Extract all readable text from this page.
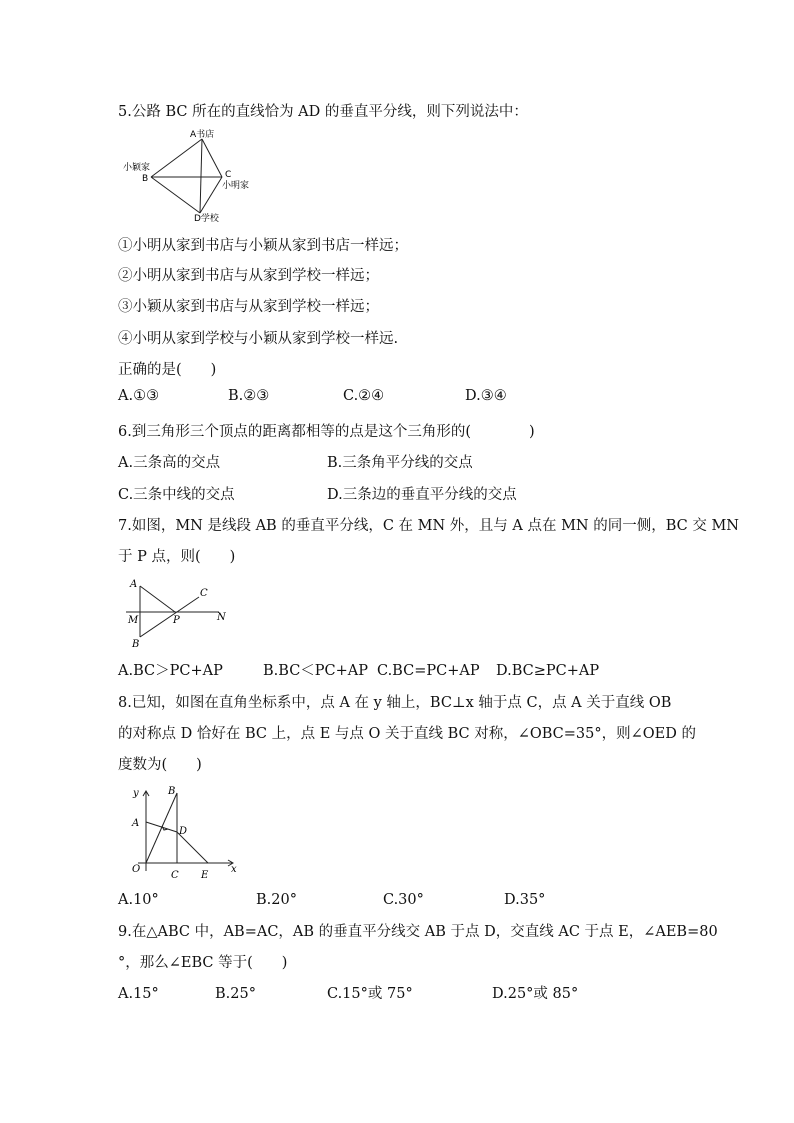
5.公路 BC 所在的直线恰为 AD 的垂直平分线，则下列说法中：
A书店
小颖家
B	C
小明家
D学校
①小明从家到书店与小颖从家到书店一样远；
②小明从家到书店与从家到学校一样远；
③小颖从家到书店与从家到学校一样远；
④小明从家到学校与小颖从家到学校一样远.
正确的是(　　)
A.①③	B.②③	C.②④	D.③④
6.到三角形三个顶点的距离都相等的点是这个三角形的(　　　　)
A.三条高的交点	B.三条角平分线的交点
C.三条中线的交点	D.三条边的垂直平分线的交点
7.如图，MN 是线段 AB 的垂直平分线，C 在 MN 外，且与 A 点在 MN 的同一侧，BC 交 MN
于 P 点，则(　　)
A
M
B
P
C
N
A.BC＞PC+AP	B.BC＜PC+AP C.BC=PC+AP D.BC≥PC+AP
8.已知，如图在直角坐标系中，点 A 在 y 轴上，BC⊥x 轴于点 C，点 A 关于直线 OB
的对称点 D 恰好在 BC 上，点 E 与点 O 关于直线 BC 对称，∠OBC=35°，则∠OED 的
度数为(　　)
y	B
A
D
O
C E
x
A.10°	B.20°	C.30°	D.35°
9.在△ABC 中，AB=AC，AB 的垂直平分线交 AB 于点 D，交直线 AC 于点 E，∠AEB=80
°，那么∠EBC 等于(　　)
A.15°	B.25°	C.15°或 75°	D.25°或 85°
